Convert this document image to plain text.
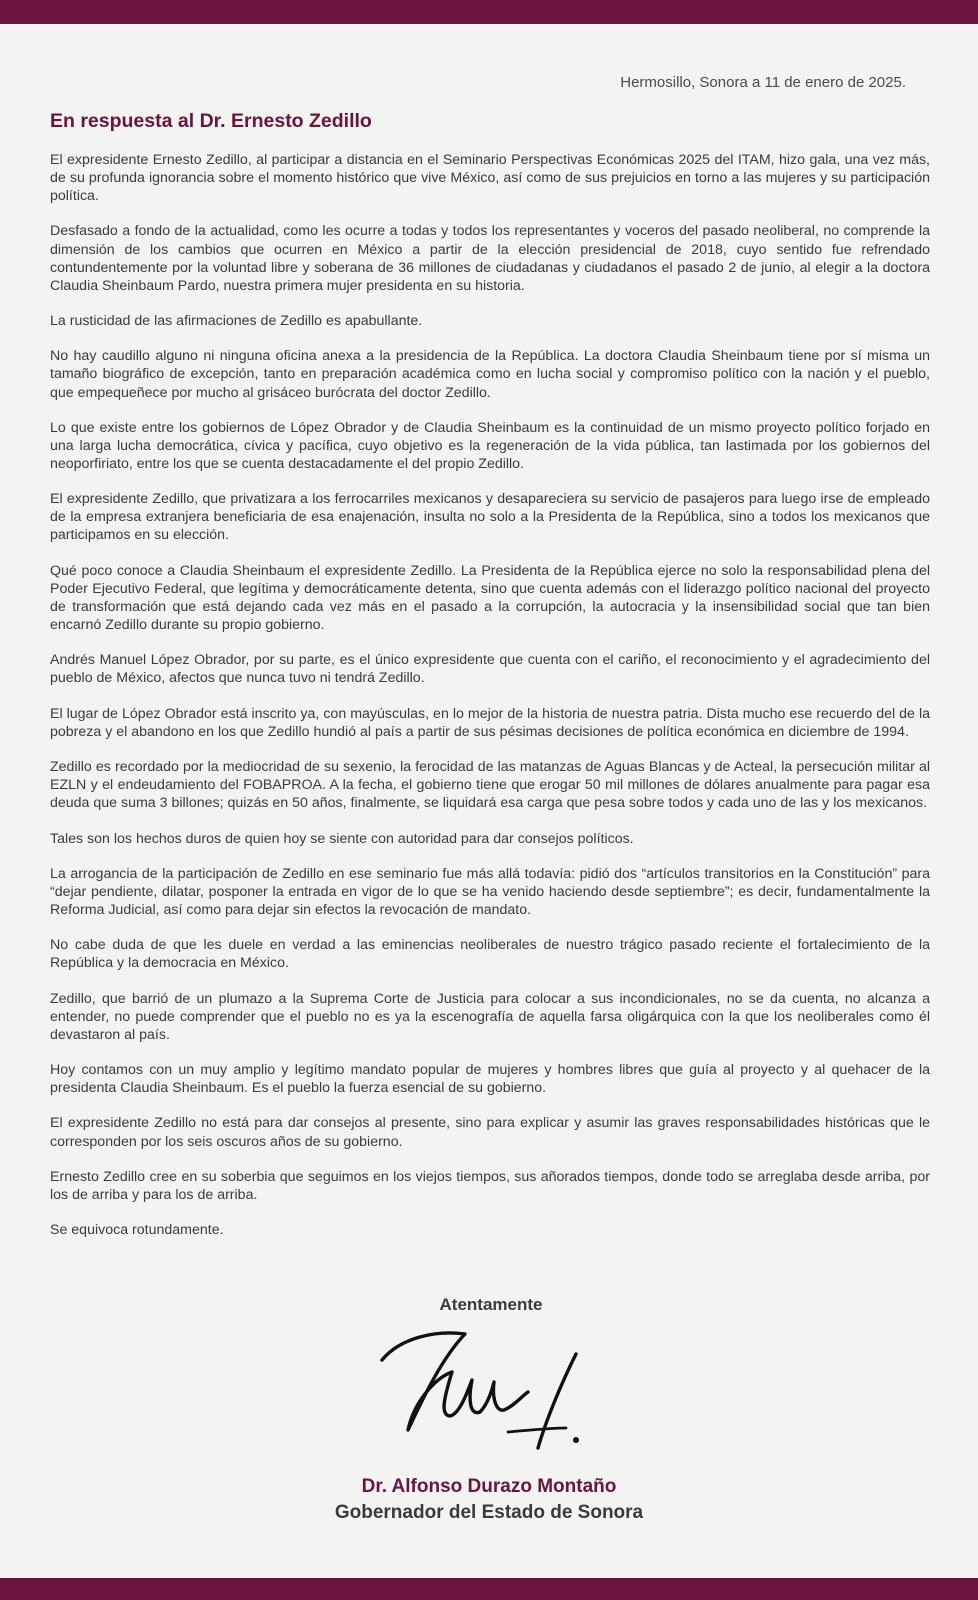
Hermosillo, Sonora a 11 de enero de 2025.
En respuesta al Dr. Ernesto Zedillo

El expresidente Ernesto Zedillo, al participar a distancia en el Seminario Perspectivas Económicas 2025 del ITAM, hizo gala, una vez más, de su profunda ignorancia sobre el momento histórico que vive México, así como de sus prejuicios en torno a las mujeres y su participación política.

Desfasado a fondo de la actualidad, como les ocurre a todas y todos los representantes y voceros del pasado neoliberal, no comprende la dimensión de los cambios que ocurren en México a partir de la elección presidencial de 2018, cuyo sentido fue refrendado contundentemente por la voluntad libre y soberana de 36 millones de ciudadanas y ciudadanos el pasado 2 de junio, al elegir a la doctora Claudia Sheinbaum Pardo, nuestra primera mujer presidenta en su historia.

La rusticidad de las afirmaciones de Zedillo es apabullante.

No hay caudillo alguno ni ninguna oficina anexa a la presidencia de la República. La doctora Claudia Sheinbaum tiene por sí misma un tamaño biográfico de excepción, tanto en preparación académica como en lucha social y compromiso político con la nación y el pueblo, que empequeñece por mucho al grisáceo burócrata del doctor Zedillo.

Lo que existe entre los gobiernos de López Obrador y de Claudia Sheinbaum es la continuidad de un mismo proyecto político forjado en una larga lucha democrática, cívica y pacífica, cuyo objetivo es la regeneración de la vida pública, tan lastimada por los gobiernos del neoporfiriato, entre los que se cuenta destacadamente el del propio Zedillo.

El expresidente Zedillo, que privatizara a los ferrocarriles mexicanos y desapareciera su servicio de pasajeros para luego irse de empleado de la empresa extranjera beneficiaria de esa enajenación, insulta no solo a la Presidenta de la República, sino a todos los mexicanos que participamos en su elección.

Qué poco conoce a Claudia Sheinbaum el expresidente Zedillo. La Presidenta de la República ejerce no solo la responsabilidad plena del Poder Ejecutivo Federal, que legítima y democráticamente detenta, sino que cuenta además con el liderazgo político nacional del proyecto de transformación que está dejando cada vez más en el pasado a la corrupción, la autocracia y la insensibilidad social que tan bien encarnó Zedillo durante su propio gobierno.

Andrés Manuel López Obrador, por su parte, es el único expresidente que cuenta con el cariño, el reconocimiento y el agradecimiento del pueblo de México, afectos que nunca tuvo ni tendrá Zedillo.

El lugar de López Obrador está inscrito ya, con mayúsculas, en lo mejor de la historia de nuestra patria. Dista mucho ese recuerdo del de la pobreza y el abandono en los que Zedillo hundió al país a partir de sus pésimas decisiones de política económica en diciembre de 1994.

Zedillo es recordado por la mediocridad de su sexenio, la ferocidad de las matanzas de Aguas Blancas y de Acteal, la persecución militar al EZLN y el endeudamiento del FOBAPROA. A la fecha, el gobierno tiene que erogar 50 mil millones de dólares anualmente para pagar esa deuda que suma 3 billones; quizás en 50 años, finalmente, se liquidará esa carga que pesa sobre todos y cada uno de las y los mexicanos.

Tales son los hechos duros de quien hoy se siente con autoridad para dar consejos políticos.

La arrogancia de la participación de Zedillo en ese seminario fue más allá todavía: pidió dos “artículos transitorios en la Constitución” para “dejar pendiente, dilatar, posponer la entrada en vigor de lo que se ha venido haciendo desde septiembre”; es decir, fundamentalmente la Reforma Judicial, así como para dejar sin efectos la revocación de mandato.

No cabe duda de que les duele en verdad a las eminencias neoliberales de nuestro trágico pasado reciente el fortalecimiento de la República y la democracia en México.

Zedillo, que barrió de un plumazo a la Suprema Corte de Justicia para colocar a sus incondicionales, no se da cuenta, no alcanza a entender, no puede comprender que el pueblo no es ya la escenografía de aquella farsa oligárquica con la que los neoliberales como él devastaron al país.

Hoy contamos con un muy amplio y legítimo mandato popular de mujeres y hombres libres que guía al proyecto y al quehacer de la presidenta Claudia Sheinbaum. Es el pueblo la fuerza esencial de su gobierno.

El expresidente Zedillo no está para dar consejos al presente, sino para explicar y asumir las graves responsabilidades históricas que le corresponden por los seis oscuros años de su gobierno.

Ernesto Zedillo cree en su soberbia que seguimos en los viejos tiempos, sus añorados tiempos, donde todo se arreglaba desde arriba, por los de arriba y para los de arriba.

Se equivoca rotundamente.

Atentamente
Dr. Alfonso Durazo Montaño
Gobernador del Estado de Sonora
